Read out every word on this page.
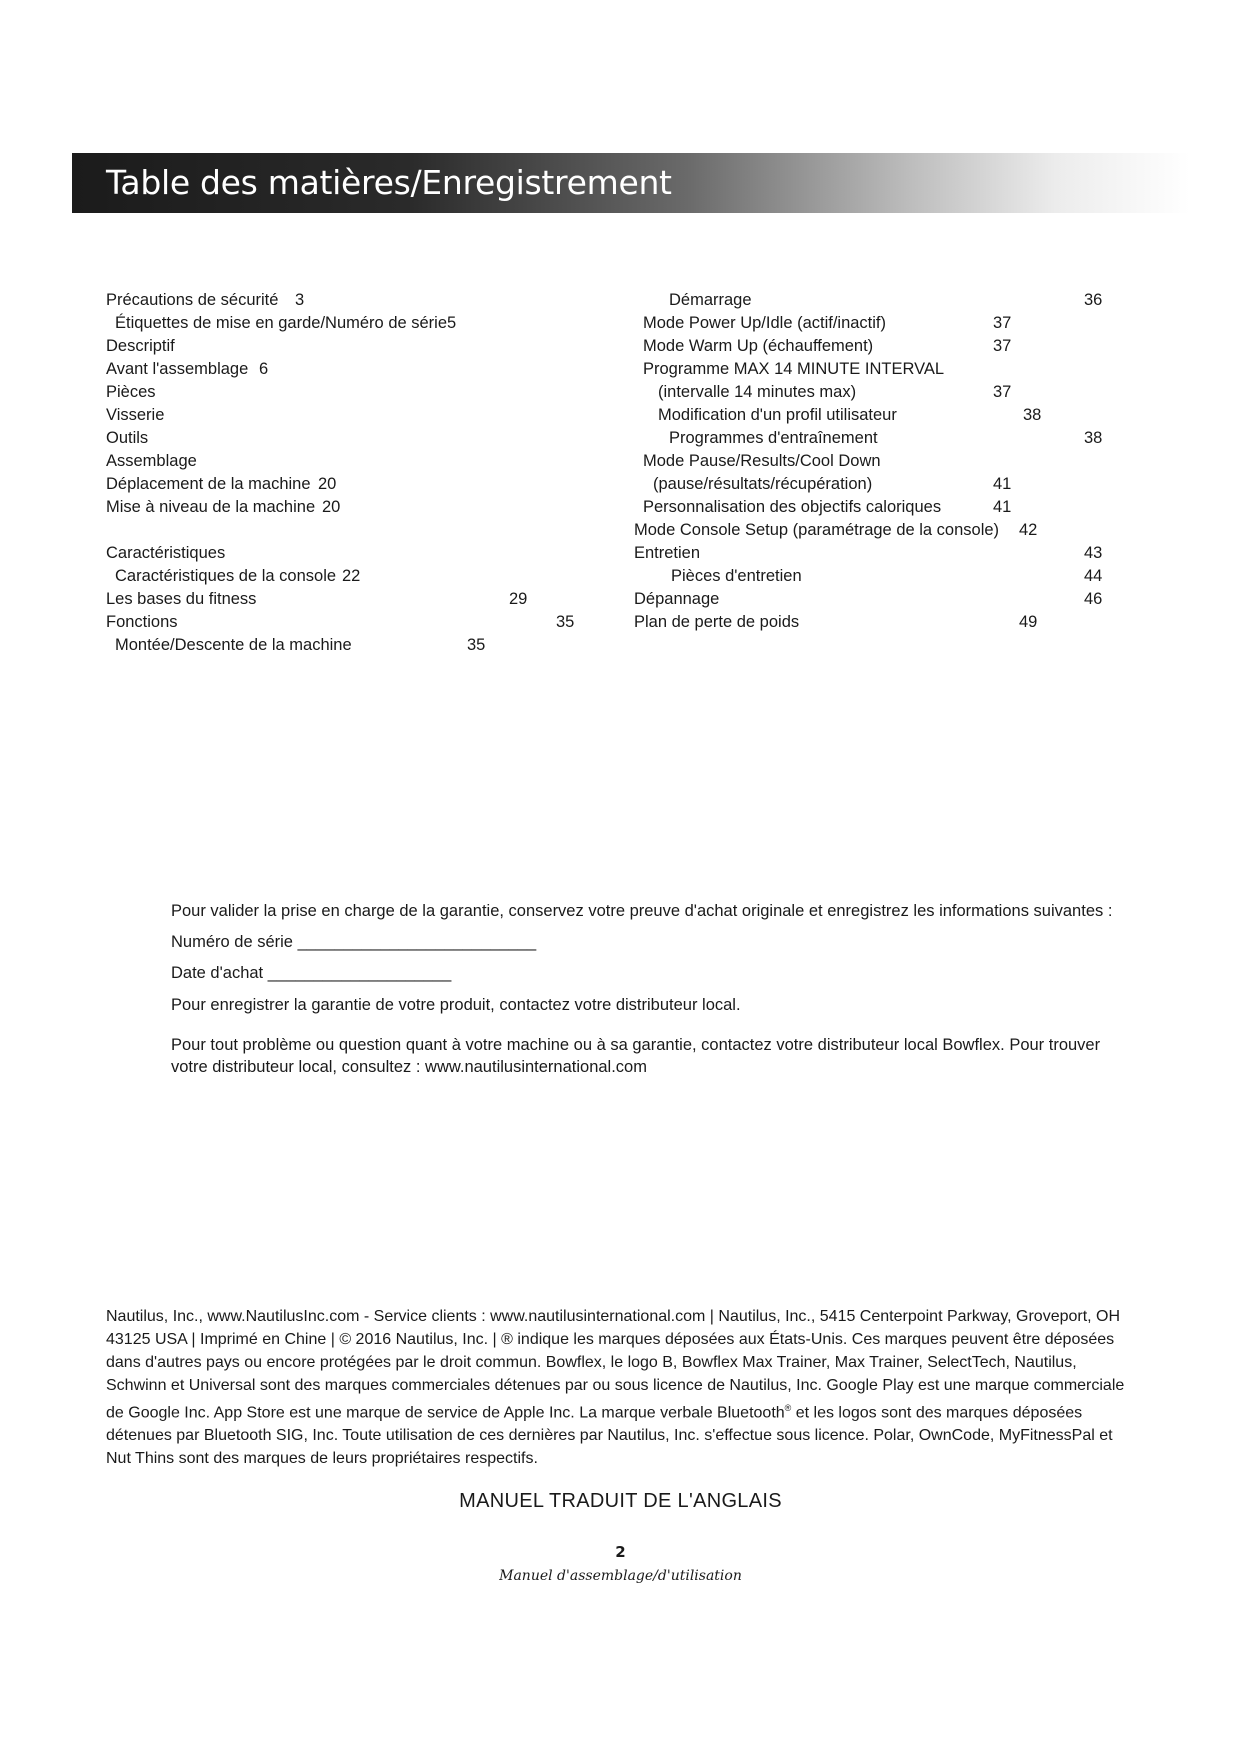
Table des matières/Enregistrement
Précautions de sécurité 3
Étiquettes de mise en garde/Numéro de série 5
Descriptif
Avant l'assemblage 6
Pièces
Visserie
Outils
Assemblage
Déplacement de la machine 20
Mise à niveau de la machine 20
Caractéristiques
Caractéristiques de la console 22
Les bases du fitness	29
Fonctions	35
Montée/Descente de la machine	35
Démarrage	36
Mode Power Up/Idle (actif/inactif)	37
Mode Warm Up (échauffement)	37
Programme MAX 14 MINUTE INTERVAL
(intervalle 14 minutes max)	37
Modification d'un profil utilisateur	38
Programmes d'entraînement	38
Mode Pause/Results/Cool Down
(pause/résultats/récupération)	41
Personnalisation des objectifs caloriques	41
Mode Console Setup (paramétrage de la console) 42
Entretien	43
Pièces d'entretien	44
Dépannage	46
Plan de perte de poids	49

Pour valider la prise en charge de la garantie, conservez votre preuve d'achat originale et enregistrez les informations suivantes :

Numéro de série __________________________

Date d'achat ____________________

Pour enregistrer la garantie de votre produit, contactez votre distributeur local.

Pour tout problème ou question quant à votre machine ou à sa garantie, contactez votre distributeur local Bowflex. Pour trouver votre distributeur local, consultez : www.nautilusinternational.com

Nautilus, Inc., www.NautilusInc.com - Service clients : www.nautilusinternational.com | Nautilus, Inc., 5415 Centerpoint Parkway, Groveport, OH 43125 USA | Imprimé en Chine | © 2016 Nautilus, Inc. | ® indique les marques déposées aux États-Unis. Ces marques peuvent être déposées dans d'autres pays ou encore protégées par le droit commun. Bowflex, le logo B, Bowflex Max Trainer, Max Trainer, SelectTech, Nautilus, Schwinn et Universal sont des marques commerciales détenues par ou sous licence de Nautilus, Inc. Google Play est une marque commerciale de Google Inc. App Store est une marque de service de Apple Inc. La marque verbale Bluetooth® et les logos sont des marques déposées détenues par Bluetooth SIG, Inc. Toute utilisation de ces dernières par Nautilus, Inc. s'effectue sous licence. Polar, OwnCode, MyFitnessPal et Nut Thins sont des marques de leurs propriétaires respectifs.

MANUEL TRADUIT DE L'ANGLAIS
2
Manuel d'assemblage/d'utilisation
